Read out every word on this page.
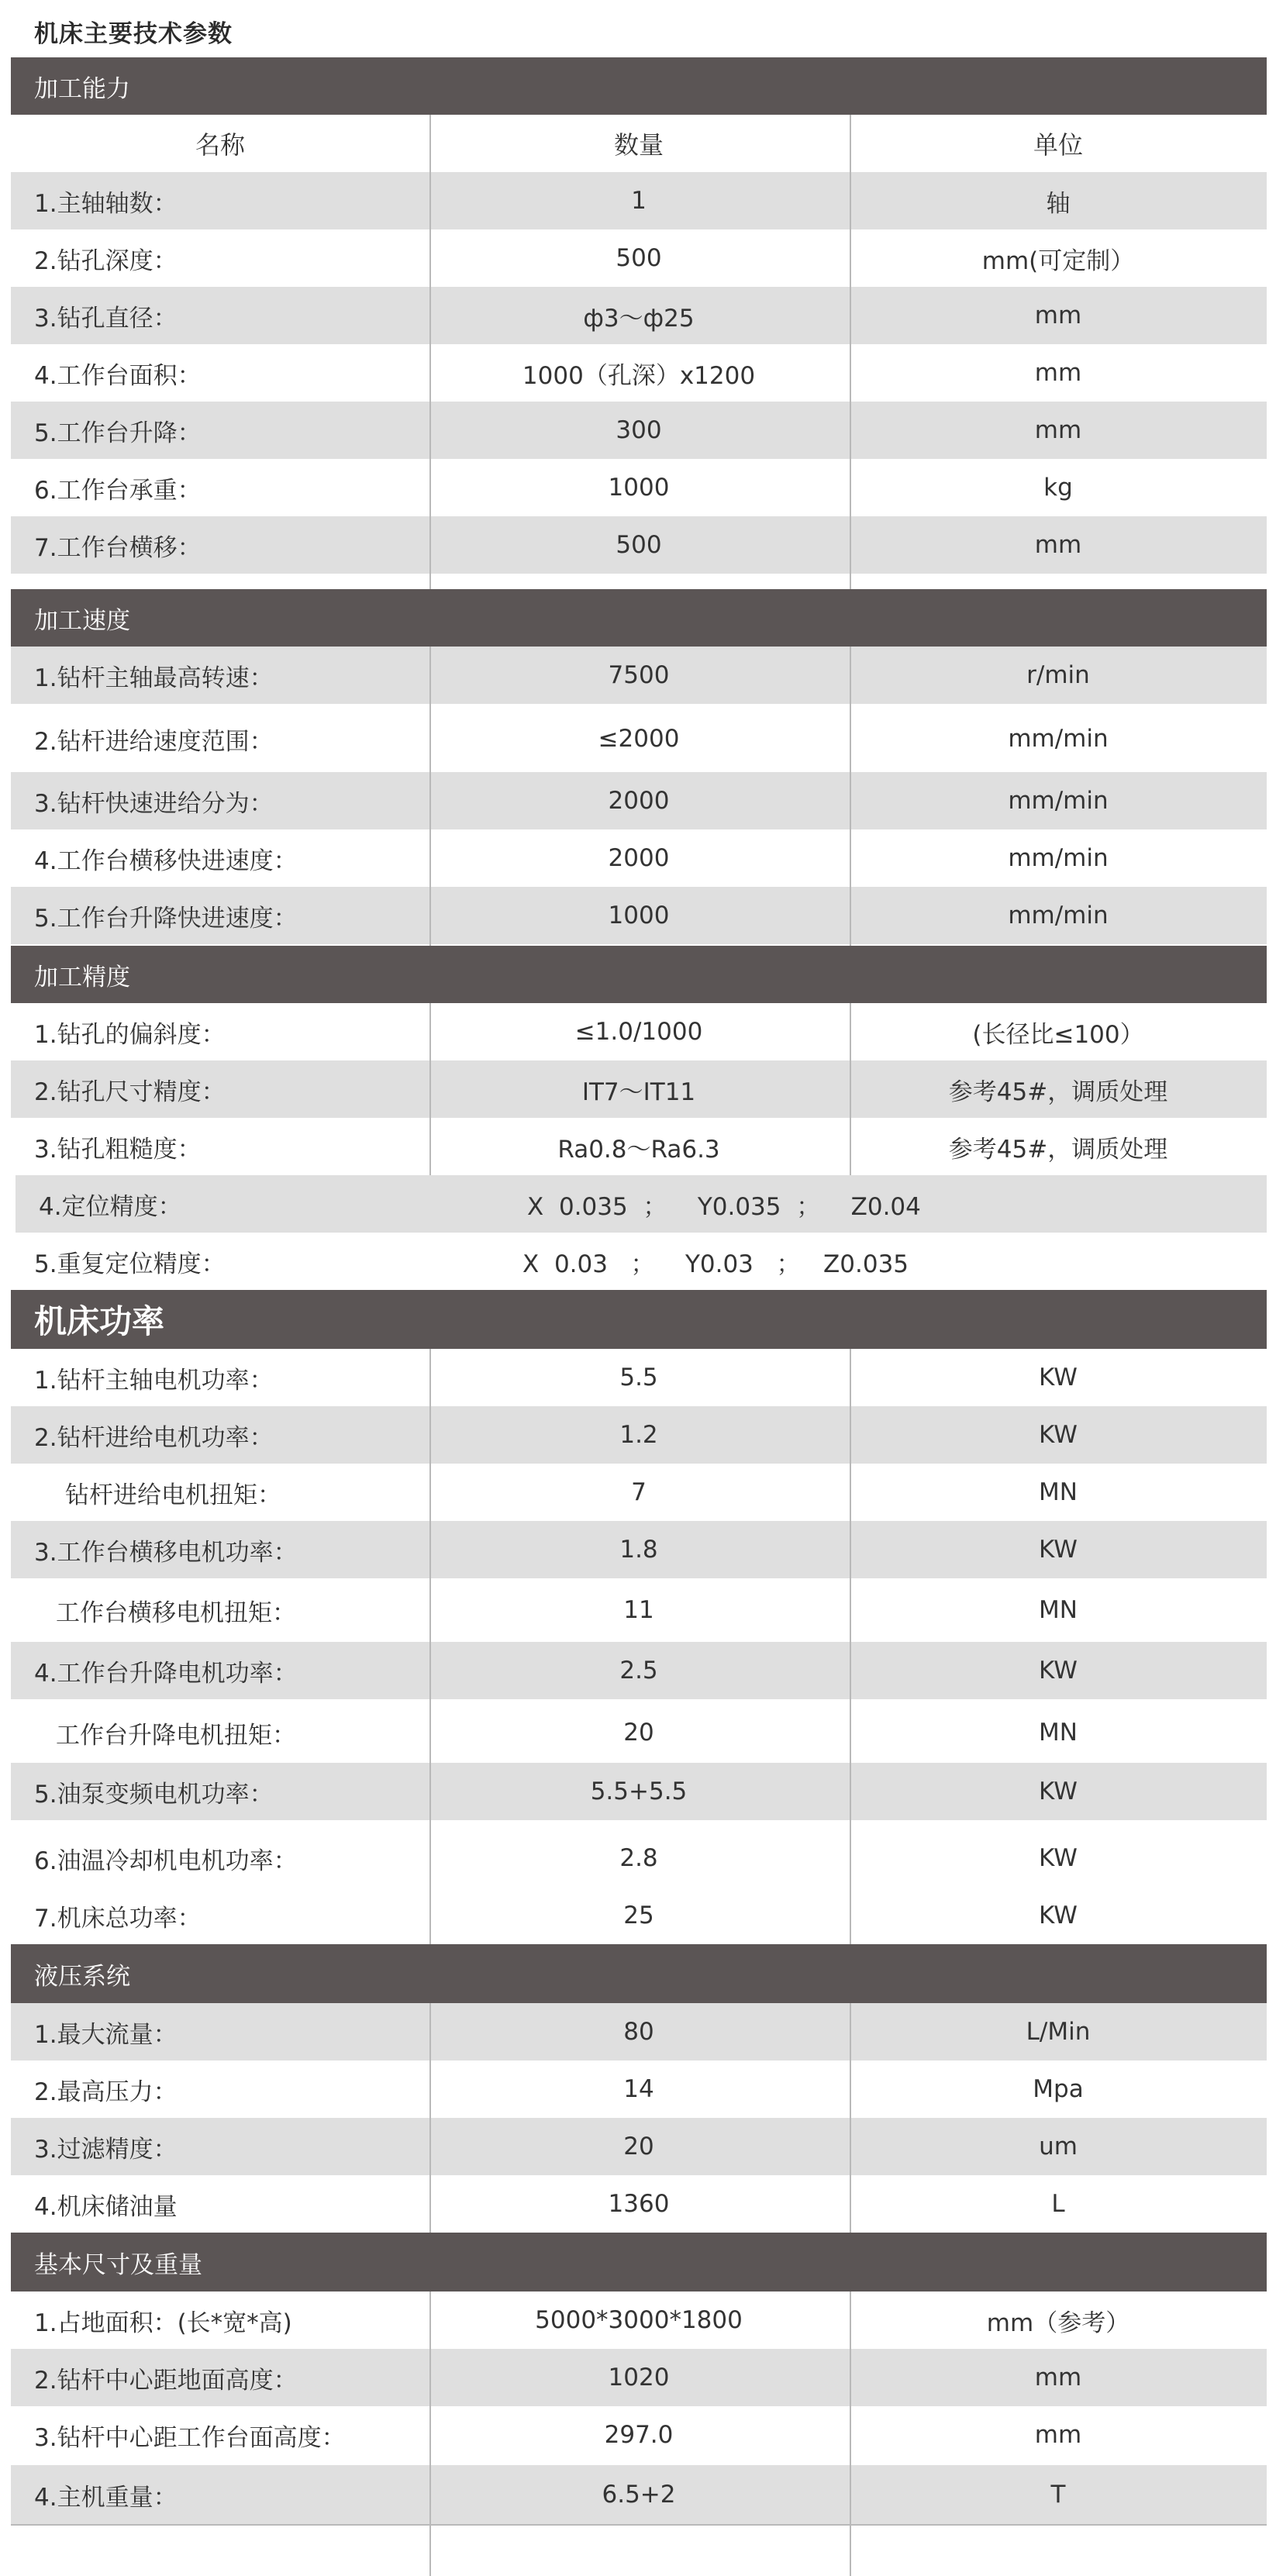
机床主要技术参数
加工能力
名称	数量	单位
1.主轴轴数：	1	轴
2.钻孔深度：	500	mm(可定制）
3.钻孔直径：	ф3～ф25	mm
4.工作台面积：	1000（孔深）x1200	mm
5.工作台升降：	300	mm
6.工作台承重：	1000	kg
7.工作台横移：	500	mm
加工速度
1.钻杆主轴最高转速：	7500	r/min
2.钻杆进给速度范围：	≤2000	mm/min
3.钻杆快速进给分为：	2000	mm/min
4.工作台横移快进速度：	2000	mm/min
5.工作台升降快进速度：	1000	mm/min
加工精度
1.钻孔的偏斜度：	≤1.0/1000	(长径比≤100）
2.钻孔尺寸精度：	IT7～IT11	参考45#，调质处理
3.钻孔粗糙度：	Ra0.8～Ra6.3	参考45#，调质处理
4.定位精度：	X  0.035  ；    Y0.035  ；    Z0.04
5.重复定位精度：	X  0.03   ；    Y0.03   ；   Z0.035
机床功率
1.钻杆主轴电机功率：	5.5	KW
2.钻杆进给电机功率：	1.2	KW
钻杆进给电机扭矩：	7	MN
3.工作台横移电机功率：	1.8	KW
工作台横移电机扭矩：	11	MN
4.工作台升降电机功率：	2.5	KW
工作台升降电机扭矩：	20	MN
5.油泵变频电机功率：	5.5+5.5	KW
6.油温冷却机电机功率：	2.8	KW
7.机床总功率：	25	KW
液压系统
1.最大流量：	80	L/Min
2.最高压力：	14	Mpa
3.过滤精度：	20	um
4.机床储油量	1360	L
基本尺寸及重量
1.占地面积：(长*宽*高)	5000*3000*1800	mm（参考）
2.钻杆中心距地面高度：	1020	mm
3.钻杆中心距工作台面高度：	297.0	mm
4.主机重量：	6.5+2	T
